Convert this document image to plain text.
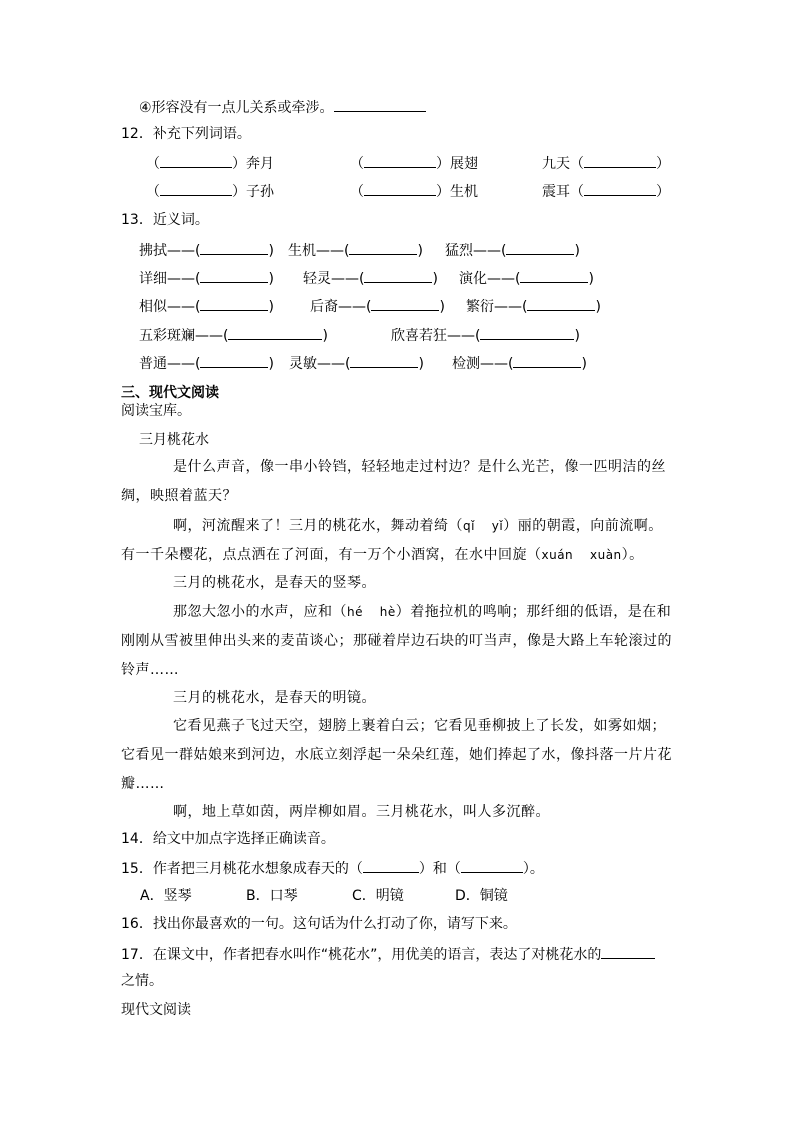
④形容没有一点儿关系或牵涉。
12．补充下列词语。
（	）奔月	（	）展翅	九天（	）
（	）子孙	（	）生机	震耳（	）
13．近义词。
拂拭——(	) 生机——(	) 猛烈——(	)
详细——(	) 轻灵——(	) 演化——(	)
相似——(	)	后裔——(	) 繁衍——(	)
五彩斑斓——(	)	欣喜若狂——(	)
普通——(	) 灵敏——(	) 检测——(	)
三、现代文阅读
阅读宝库。
三月桃花水
是什么声音，像一串小铃铛，轻轻地走过村边？是什么光芒，像一匹明洁的丝绸，映照着蓝天？
啊，河流醒来了！三月的桃花水，舞动着绮（qǐ　 yǐ）丽的朝霞，向前流啊。有一千朵樱花，点点洒在了河面，有一万个小酒窝，在水中回旋（xuán　 xuàn）。
三月的桃花水，是春天的竖琴。
那忽大忽小的水声，应和（hé　 hè）着拖拉机的鸣响；那纤细的低语，是在和刚刚从雪被里伸出头来的麦苗谈心；那碰着岸边石块的叮当声，像是大路上车轮滚过的铃声……
三月的桃花水，是春天的明镜。
它看见燕子飞过天空，翅膀上裹着白云；它看见垂柳披上了长发，如雾如烟；它看见一群姑娘来到河边，水底立刻浮起一朵朵红莲，她们捧起了水，像抖落一片片花瓣……
啊，地上草如茵，两岸柳如眉。三月桃花水，叫人多沉醉。
14．给文中加点字选择正确读音。
15．作者把三月桃花水想象成春天的（	）和（	）。
A．竖琴	B．口琴	C．明镜	D．铜镜
16．找出你最喜欢的一句。这句话为什么打动了你，请写下来。
17．在课文中，作者把春水叫作“桃花水”，用优美的语言，表达了对桃花水的
之情。
现代文阅读
